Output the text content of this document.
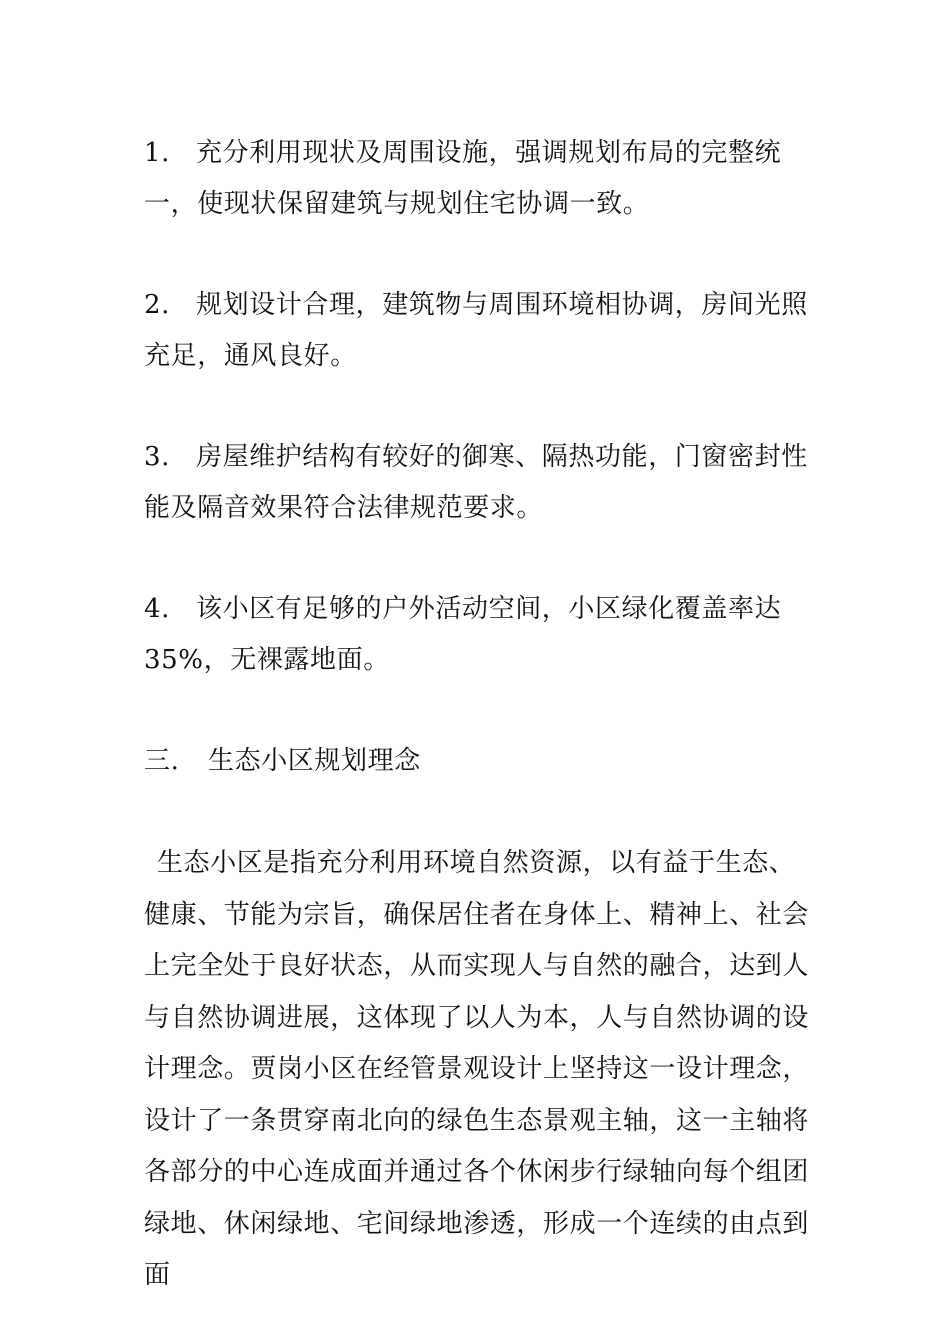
1. 充分利用现状及周围设施，强调规划布局的完整统一，使现状保留建筑与规划住宅协调一致。

2. 规划设计合理，建筑物与周围环境相协调，房间光照充足，通风良好。

3. 房屋维护结构有较好的御寒、隔热功能，门窗密封性能及隔音效果符合法律规范要求。

4. 该小区有足够的户外活动空间，小区绿化覆盖率达35%，无裸露地面。

三. 生态小区规划理念

生态小区是指充分利用环境自然资源，以有益于生态、健康、节能为宗旨，确保居住者在身体上、精神上、社会上完全处于良好状态，从而实现人与自然的融合，达到人与自然协调进展，这体现了以人为本，人与自然协调的设计理念。贾岗小区在经管景观设计上坚持这一设计理念，设计了一条贯穿南北向的绿色生态景观主轴，这一主轴将各部分的中心连成面并通过各个休闲步行绿轴向每个组团绿地、休闲绿地、宅间绿地渗透，形成一个连续的由点到面
